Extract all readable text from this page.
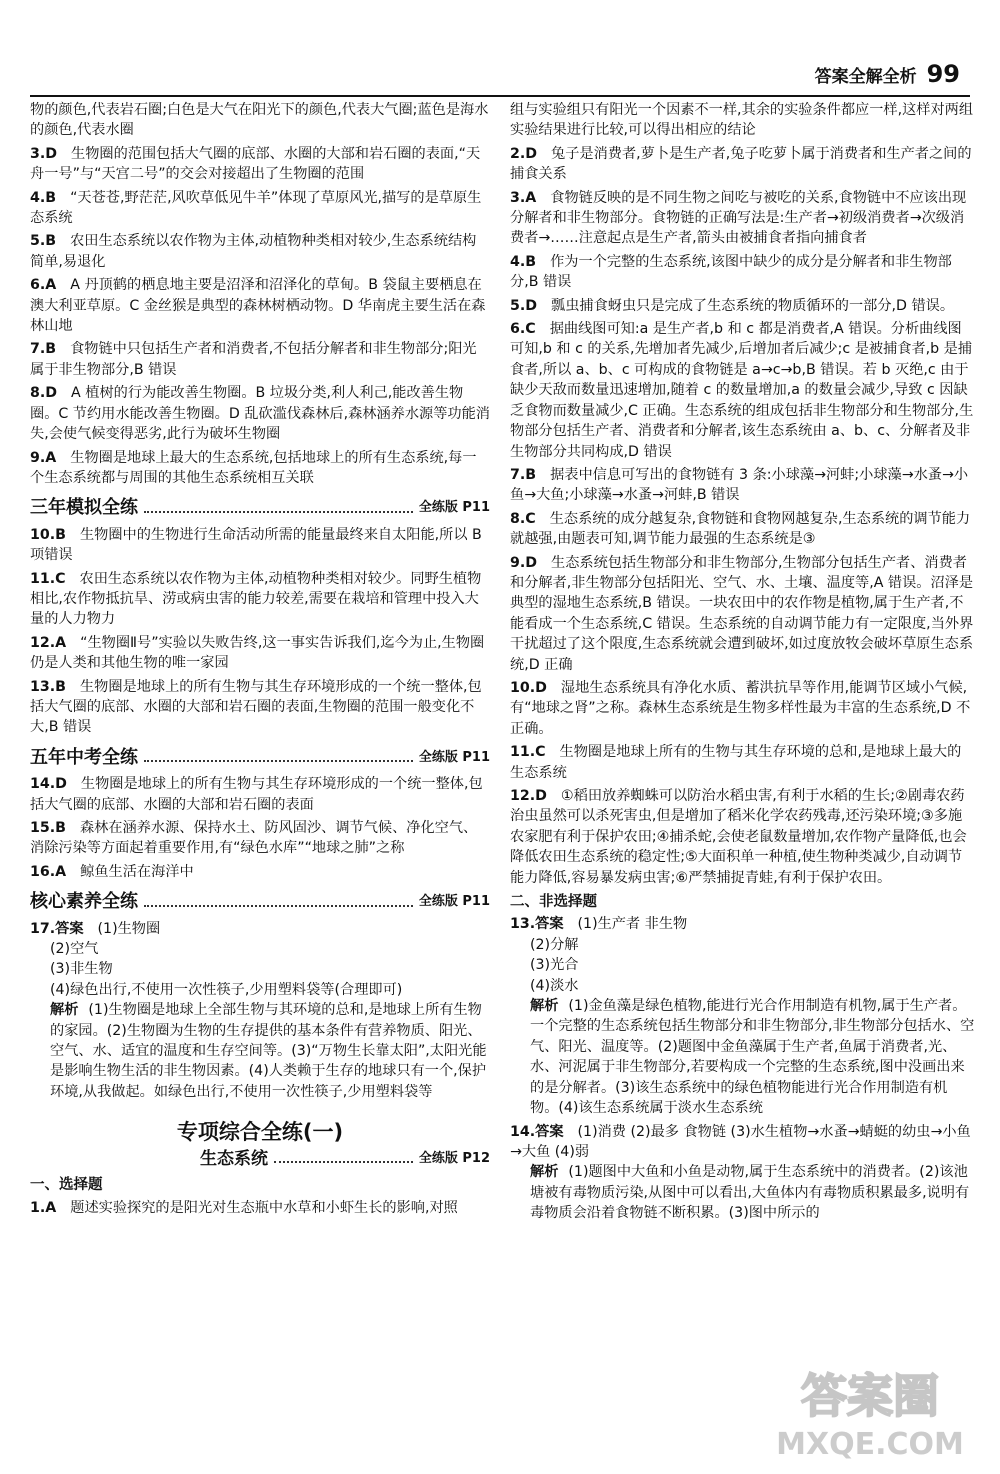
答案全解全析 99
物的颜色,代表岩石圈;白色是大气在阳光下的颜色,代表大气圈;蓝色是海水的颜色,代表水圈
3.D 生物圈的范围包括大气圈的底部、水圈的大部和岩石圈的表面,“天舟一号”与“天宫二号”的交会对接超出了生物圈的范围
4.B “天苍苍,野茫茫,风吹草低见牛羊”体现了草原风光,描写的是草原生态系统
5.B 农田生态系统以农作物为主体,动植物种类相对较少,生态系统结构简单,易退化
6.A A 丹顶鹤的栖息地主要是沼泽和沼泽化的草甸。B 袋鼠主要栖息在澳大利亚草原。C 金丝猴是典型的森林树栖动物。D 华南虎主要生活在森林山地
7.B 食物链中只包括生产者和消费者,不包括分解者和非生物部分;阳光属于非生物部分,B 错误
8.D A 植树的行为能改善生物圈。B 垃圾分类,利人利己,能改善生物圈。C 节约用水能改善生物圈。D 乱砍滥伐森林后,森林涵养水源等功能消失,会使气候变得恶劣,此行为破坏生物圈
9.A 生物圈是地球上最大的生态系统,包括地球上的所有生态系统,每一个生态系统都与周围的其他生态系统相互关联
三年模拟全练	全练版 P11
10.B 生物圈中的生物进行生命活动所需的能量最终来自太阳能,所以 B 项错误
11.C 农田生态系统以农作物为主体,动植物种类相对较少。同野生植物相比,农作物抵抗旱、涝或病虫害的能力较差,需要在栽培和管理中投入大量的人力物力
12.A “生物圈Ⅱ号”实验以失败告终,这一事实告诉我们,迄今为止,生物圈仍是人类和其他生物的唯一家园
13.B 生物圈是地球上的所有生物与其生存环境形成的一个统一整体,包括大气圈的底部、水圈的大部和岩石圈的表面,生物圈的范围一般变化不大,B 错误
五年中考全练	全练版 P11
14.D 生物圈是地球上的所有生物与其生存环境形成的一个统一整体,包括大气圈的底部、水圈的大部和岩石圈的表面
15.B 森林在涵养水源、保持水土、防风固沙、调节气候、净化空气、消除污染等方面起着重要作用,有“绿色水库”“地球之肺”之称
16.A 鲸鱼生活在海洋中
核心素养全练	全练版 P11
17.答案 (1)生物圈
(2)空气
(3)非生物
(4)绿色出行,不使用一次性筷子,少用塑料袋等(合理即可)
解析 (1)生物圈是地球上全部生物与其环境的总和,是地球上所有生物的家园。(2)生物圈为生物的生存提供的基本条件有营养物质、阳光、空气、水、适宜的温度和生存空间等。(3)“万物生长靠太阳”,太阳光能是影响生物生活的非生物因素。(4)人类赖于生存的地球只有一个,保护环境,从我做起。如绿色出行,不使用一次性筷子,少用塑料袋等
专项综合全练(一)
生态系统	全练版 P12
一、选择题
1.A 题述实验探究的是阳光对生态瓶中水草和小虾生长的影响,对照
组与实验组只有阳光一个因素不一样,其余的实验条件都应一样,这样对两组实验结果进行比较,可以得出相应的结论
2.D 兔子是消费者,萝卜是生产者,兔子吃萝卜属于消费者和生产者之间的捕食关系
3.A 食物链反映的是不同生物之间吃与被吃的关系,食物链中不应该出现分解者和非生物部分。食物链的正确写法是:生产者→初级消费者→次级消费者→……注意起点是生产者,箭头由被捕食者指向捕食者
4.B 作为一个完整的生态系统,该图中缺少的成分是分解者和非生物部分,B 错误
5.D 瓢虫捕食蚜虫只是完成了生态系统的物质循环的一部分,D 错误。
6.C 据曲线图可知:a 是生产者,b 和 c 都是消费者,A 错误。分析曲线图可知,b 和 c 的关系,先增加者先减少,后增加者后减少;c 是被捕食者,b 是捕食者,所以 a、b、c 可构成的食物链是 a→c→b,B 错误。若 b 灭绝,c 由于缺少天敌而数量迅速增加,随着 c 的数量增加,a 的数量会减少,导致 c 因缺乏食物而数量减少,C 正确。生态系统的组成包括非生物部分和生物部分,生物部分包括生产者、消费者和分解者,该生态系统由 a、b、c、分解者及非生物部分共同构成,D 错误
7.B 据表中信息可写出的食物链有 3 条:小球藻→河蚌;小球藻→水蚤→小鱼→大鱼;小球藻→水蚤→河蚌,B 错误
8.C 生态系统的成分越复杂,食物链和食物网越复杂,生态系统的调节能力就越强,由题表可知,调节能力最强的生态系统是③
9.D 生态系统包括生物部分和非生物部分,生物部分包括生产者、消费者和分解者,非生物部分包括阳光、空气、水、土壤、温度等,A 错误。沼泽是典型的湿地生态系统,B 错误。一块农田中的农作物是植物,属于生产者,不能看成一个生态系统,C 错误。生态系统的自动调节能力有一定限度,当外界干扰超过了这个限度,生态系统就会遭到破坏,如过度放牧会破坏草原生态系统,D 正确
10.D 湿地生态系统具有净化水质、蓄洪抗旱等作用,能调节区域小气候,有“地球之肾”之称。森林生态系统是生物多样性最为丰富的生态系统,D 不正确。
11.C 生物圈是地球上所有的生物与其生存环境的总和,是地球上最大的生态系统
12.D ①稻田放养蜘蛛可以防治水稻虫害,有利于水稻的生长;②剧毒农药治虫虽然可以杀死害虫,但是增加了稻米化学农药残毒,还污染环境;③多施农家肥有利于保护农田;④捕杀蛇,会使老鼠数量增加,农作物产量降低,也会降低农田生态系统的稳定性;⑤大面积单一种植,使生物种类减少,自动调节能力降低,容易暴发病虫害;⑥严禁捕捉青蛙,有利于保护农田。
二、非选择题
13.答案 (1)生产者 非生物
(2)分解
(3)光合
(4)淡水
解析 (1)金鱼藻是绿色植物,能进行光合作用制造有机物,属于生产者。一个完整的生态系统包括生物部分和非生物部分,非生物部分包括水、空气、阳光、温度等。(2)题图中金鱼藻属于生产者,鱼属于消费者,光、水、河泥属于非生物部分,若要构成一个完整的生态系统,图中没画出来的是分解者。(3)该生态系统中的绿色植物能进行光合作用制造有机物。(4)该生态系统属于淡水生态系统
14.答案 (1)消费 (2)最多 食物链 (3)水生植物→水蚤→蜻蜓的幼虫→小鱼→大鱼 (4)弱
解析 (1)题图中大鱼和小鱼是动物,属于生态系统中的消费者。(2)该池塘被有毒物质污染,从图中可以看出,大鱼体内有毒物质积累最多,说明有毒物质会沿着食物链不断积累。(3)图中所示的
答案圈
MXQE.COM
